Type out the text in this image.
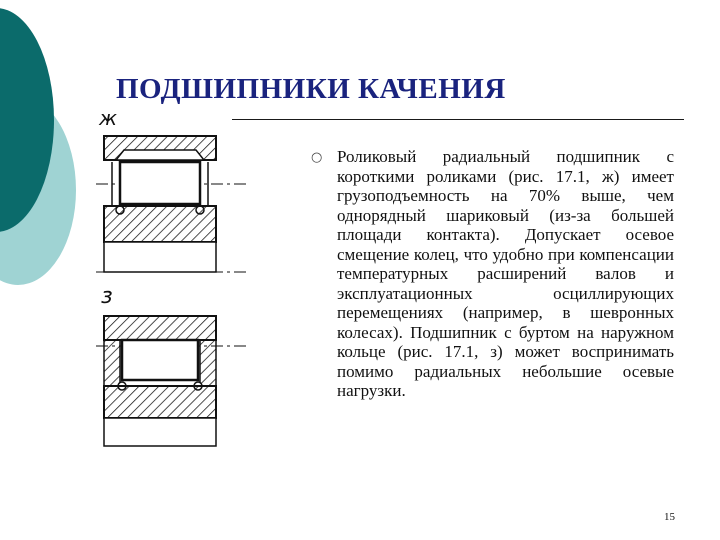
ПОДШИПНИКИ КАЧЕНИЯ
ж
з
○ Роликовый радиальный подшипник с короткими роликами (рис. 17.1, ж) имеет грузоподъемность на 70% выше, чем однорядный шариковый (из-за большей площади контакта). Допускает осевое смещение колец, что удобно при компенсации температурных расширений валов и эксплуатационных осциллирующих перемещениях (например, в шевронных колесах). Подшипник с буртом на наружном кольце (рис. 17.1, з) может воспринимать помимо радиальных небольшие осевые нагрузки.
15
